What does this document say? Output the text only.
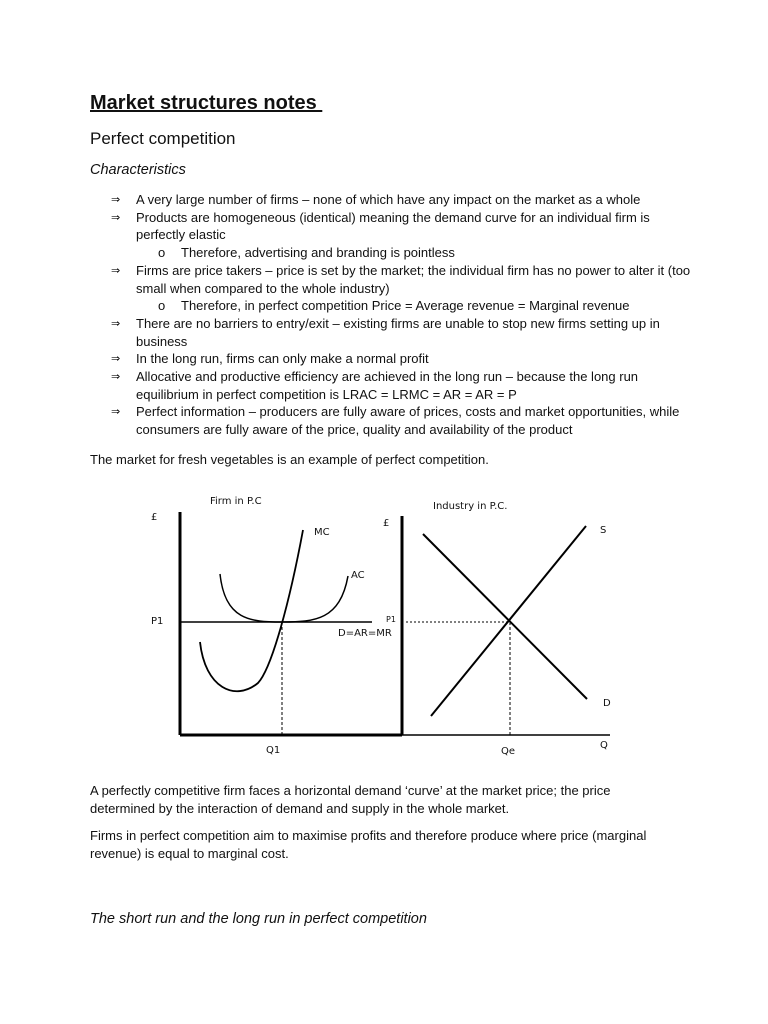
Market structures notes
Perfect competition
Characteristics
⇒ A very large number of firms – none of which have any impact on the market as a whole
⇒ Products are homogeneous (identical) meaning the demand curve for an individual firm is perfectly elastic
o Therefore, advertising and branding is pointless
⇒ Firms are price takers – price is set by the market; the individual firm has no power to alter it (too small when compared to the whole industry)
o Therefore, in perfect competition Price = Average revenue = Marginal revenue
⇒ There are no barriers to entry/exit – existing firms are unable to stop new firms setting up in business
⇒ In the long run, firms can only make a normal profit
⇒ Allocative and productive efficiency are achieved in the long run – because the long run equilibrium in perfect competition is LRAC = LRMC = AR = AR = P
⇒ Perfect information – producers are fully aware of prices, costs and market opportunities, while consumers are fully aware of the price, quality and availability of the product

The market for fresh vegetables is an example of perfect competition.

Firm in P.C
£
P1
MC
AC
D=AR=MR
Q1
Industry in P.C.
£
P1
S
D
Q
Qe

A perfectly competitive firm faces a horizontal demand ‘curve’ at the market price; the price determined by the interaction of demand and supply in the whole market.

Firms in perfect competition aim to maximise profits and therefore produce where price (marginal revenue) is equal to marginal cost.

The short run and the long run in perfect competition
